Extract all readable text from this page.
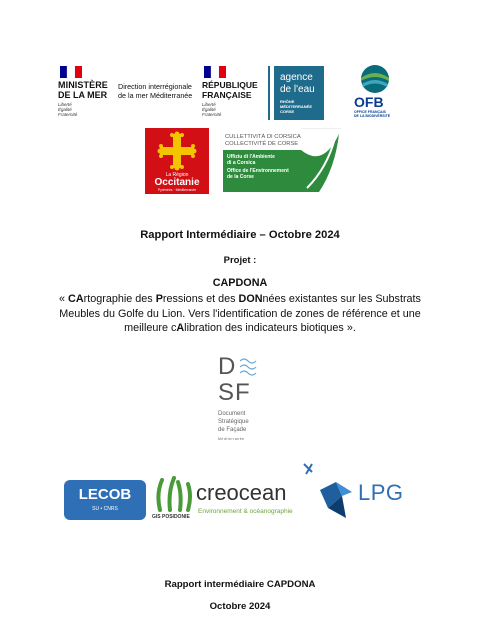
MINISTÈRE
DE LA MER
Liberté
Égalité
Fraternité
Direction interrégionale
de la mer Méditerranée
RÉPUBLIQUE
FRANÇAISE
Liberté
Égalité
Fraternité
agence
de l'eau
RHÔNE
MÉDITERRANÉE
CORSE
OFB
OFFICE FRANÇAIS
DE LA BIODIVERSITÉ
La Région
Occitanie
Pyrénées · Méditerranée
CULLETTIVITÀ DI CORSICA
COLLECTIVITÉ DE CORSE
Uffiziu di l'Ambiente
di a Corsica
Office de l'Environnement
de la Corse
Rapport Intermédiaire – Octobre 2024
Projet :
CAPDONA
« CArtographie des Pressions et des DONnées existantes sur les Substrats Meubles du Golfe du Lion. Vers l'identification de zones de référence et une meilleure cAlibration des indicateurs biotiques ».
D
SF
Document
Stratégique
de Façade
Méditerranée
LECOB
SU • CNRS
GIS POSIDONIE
creocean
Environnement & océanographie
LPG
Rapport intermédiaire CAPDONA
Octobre 2024
